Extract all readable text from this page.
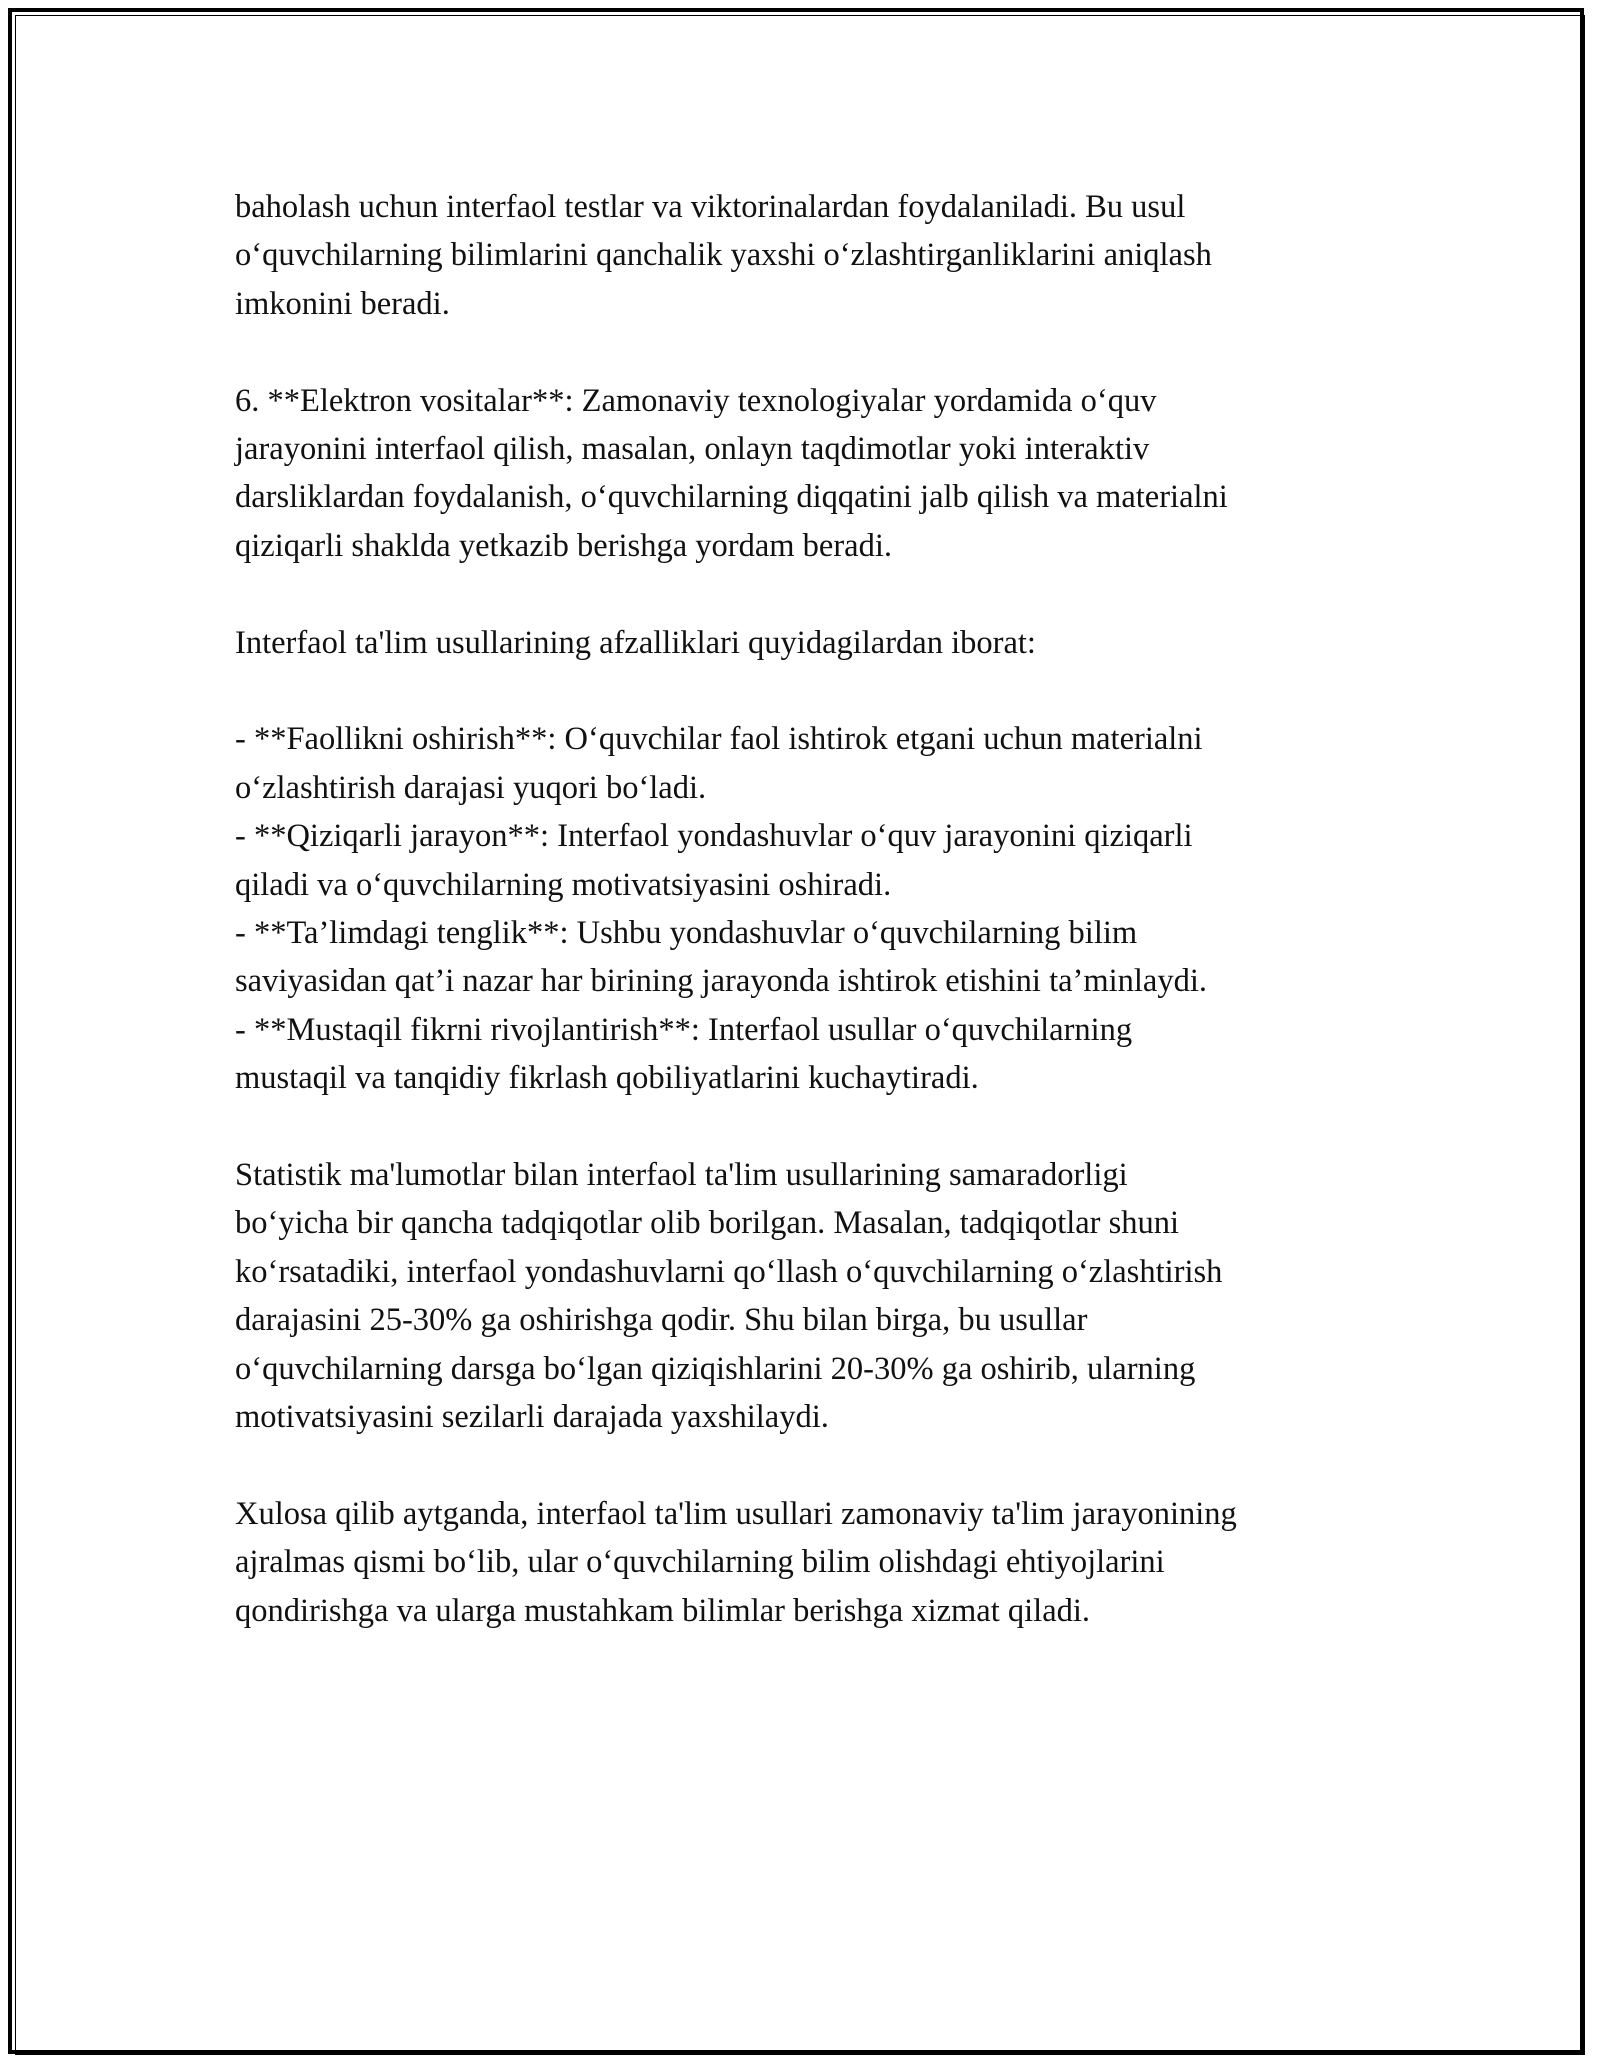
baholash uchun interfaol testlar va viktorinalardan foydalaniladi. Bu usul
o‘quvchilarning bilimlarini qanchalik yaxshi o‘zlashtirganliklarini aniqlash
imkonini beradi.
6. **Elektron vositalar**: Zamonaviy texnologiyalar yordamida o‘quv
jarayonini interfaol qilish, masalan, onlayn taqdimotlar yoki interaktiv
darsliklardan foydalanish, o‘quvchilarning diqqatini jalb qilish va materialni
qiziqarli shaklda yetkazib berishga yordam beradi.
Interfaol ta'lim usullarining afzalliklari quyidagilardan iborat:
- **Faollikni oshirish**: O‘quvchilar faol ishtirok etgani uchun materialni
o‘zlashtirish darajasi yuqori bo‘ladi.
- **Qiziqarli jarayon**: Interfaol yondashuvlar o‘quv jarayonini qiziqarli
qiladi va o‘quvchilarning motivatsiyasini oshiradi.
- **Ta’limdagi tenglik**: Ushbu yondashuvlar o‘quvchilarning bilim
saviyasidan qat’i nazar har birining jarayonda ishtirok etishini ta’minlaydi.
- **Mustaqil fikrni rivojlantirish**: Interfaol usullar o‘quvchilarning
mustaqil va tanqidiy fikrlash qobiliyatlarini kuchaytiradi.
Statistik ma'lumotlar bilan interfaol ta'lim usullarining samaradorligi
bo‘yicha bir qancha tadqiqotlar olib borilgan. Masalan, tadqiqotlar shuni
ko‘rsatadiki, interfaol yondashuvlarni qo‘llash o‘quvchilarning o‘zlashtirish
darajasini 25-30% ga oshirishga qodir. Shu bilan birga, bu usullar
o‘quvchilarning darsga bo‘lgan qiziqishlarini 20-30% ga oshirib, ularning
motivatsiyasini sezilarli darajada yaxshilaydi.
Xulosa qilib aytganda, interfaol ta'lim usullari zamonaviy ta'lim jarayonining
ajralmas qismi bo‘lib, ular o‘quvchilarning bilim olishdagi ehtiyojlarini
qondirishga va ularga mustahkam bilimlar berishga xizmat qiladi.
